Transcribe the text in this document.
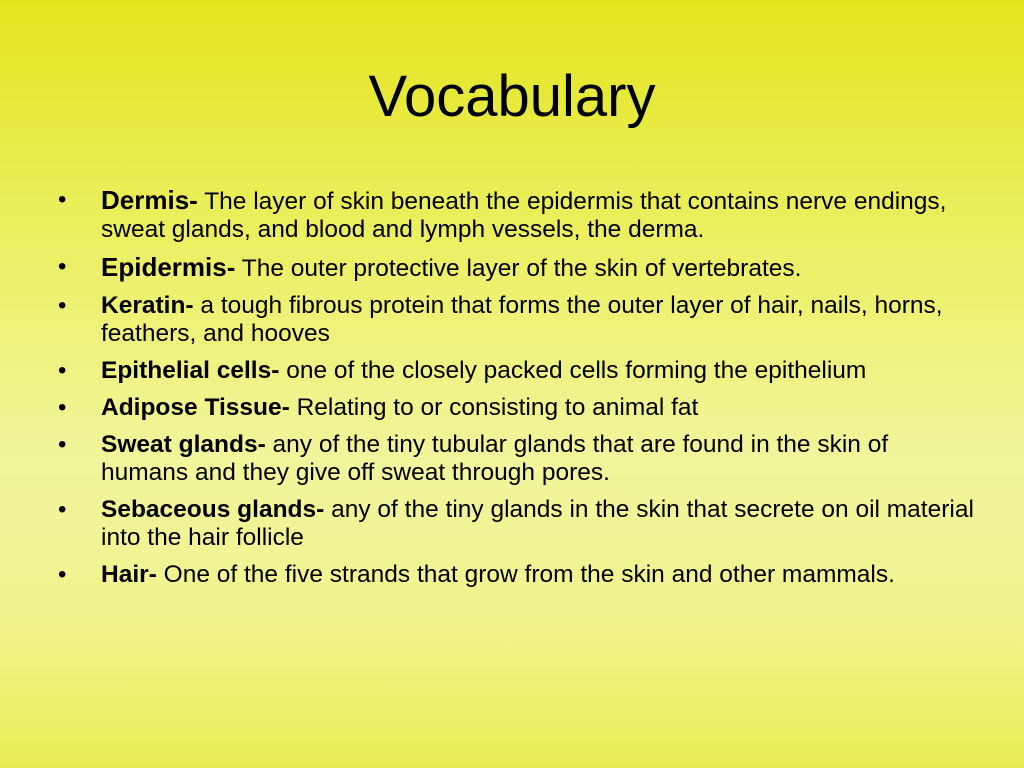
Vocabulary
•	Dermis- The layer of skin beneath the epidermis that contains nerve endings, sweat glands, and blood and lymph vessels, the derma.
•	Epidermis- The outer protective layer of the skin of vertebrates.
•	Keratin- a tough fibrous protein that forms the outer layer of hair, nails, horns, feathers, and hooves
•	Epithelial cells- one of the closely packed cells forming the epithelium
•	Adipose Tissue- Relating to or consisting to animal fat
•	Sweat glands- any of the tiny tubular glands that are found in the skin of humans and they give off sweat through pores.
•	Sebaceous glands- any of the tiny glands in the skin that secrete on oil material into the hair follicle
•	Hair- One of the five strands that grow from the skin and other mammals.
